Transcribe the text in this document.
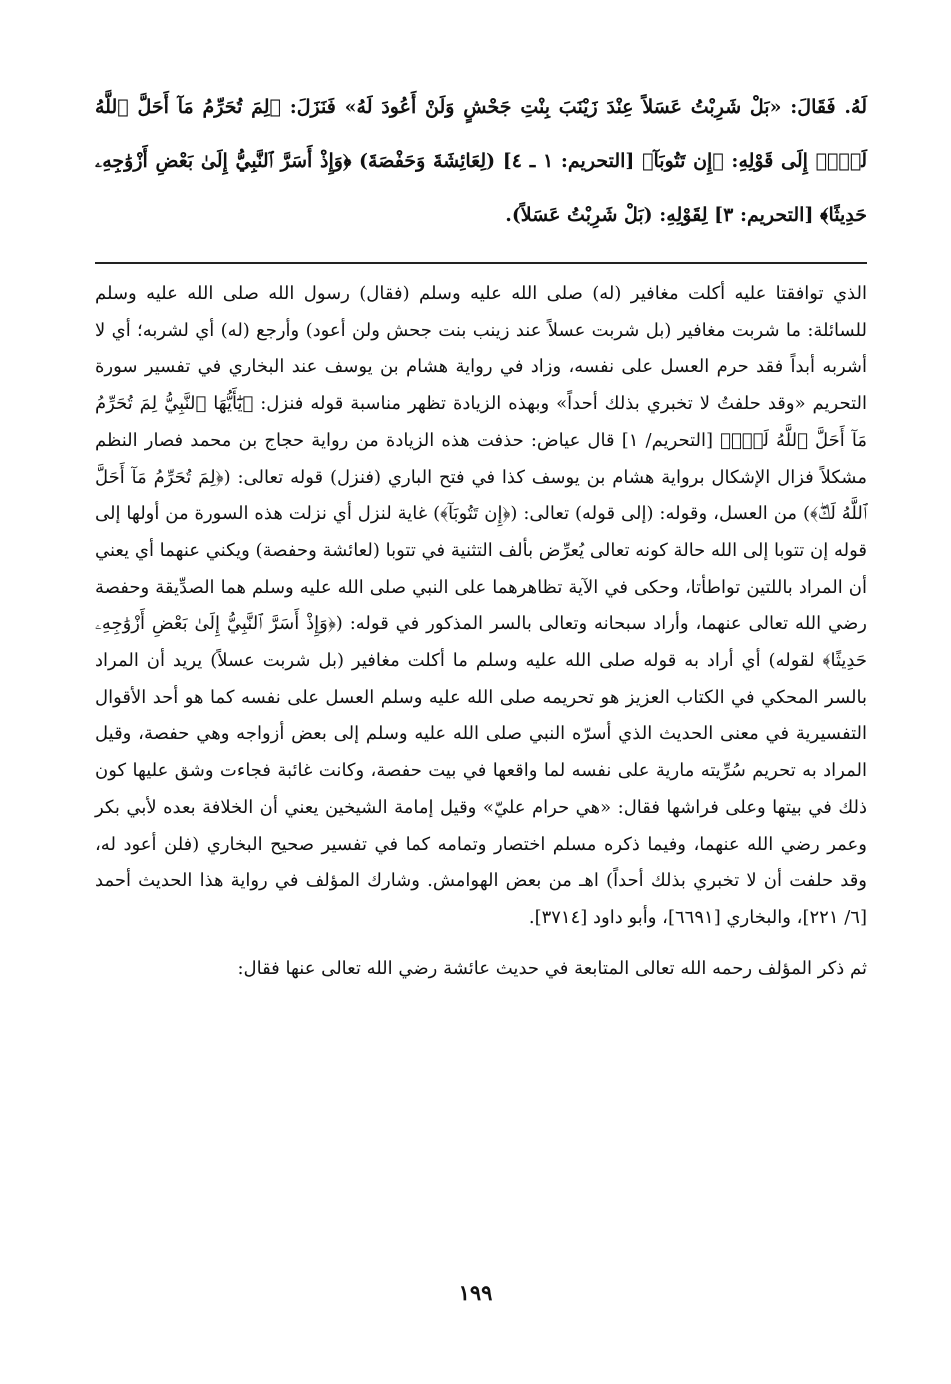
لَهُ. فَقَالَ: «بَلْ شَرِبْتُ عَسَلاً عِنْدَ زَيْنَبَ بِنْتِ جَحْشٍ وَلَنْ أَعُودَ لَهُ» فَنَزَلَ: ﴿لِمَ تُحَرِّمُ مَآ أَحَلَّ ٱللَّهُ لَكَۖ﴾ إِلَى قَوْلِهِ: ﴿إِن تَتُوبَآ﴾ [التحريم: ١ ـ ٤] (لِعَائِشَةَ وَحَفْصَةَ) ﴿وَإِذْ أَسَرَّ ٱلنَّبِيُّ إِلَىٰ بَعْضِ أَزْوَٰجِهِۦ حَدِيثًا﴾ [التحريم: ٣] لِقَوْلِهِ: (بَلْ شَرِبْتُ عَسَلاً).

الذي توافقتا عليه أكلت مغافير (له) صلى الله عليه وسلم (فقال) رسول الله صلى الله عليه وسلم للسائلة: ما شربت مغافير (بل شربت عسلاً عند زينب بنت جحش ولن أعود) وأرجع (له) أي لشربه؛ أي لا أشربه أبداً فقد حرم العسل على نفسه، وزاد في رواية هشام بن يوسف عند البخاري في تفسير سورة التحريم «وقد حلفتُ لا تخبري بذلك أحداً» وبهذه الزيادة تظهر مناسبة قوله فنزل: ﴿يَٰٓأَيُّهَا ٱلنَّبِيُّ لِمَ تُحَرِّمُ مَآ أَحَلَّ ٱللَّهُ لَكَۖ﴾ [التحريم/ ١] قال عياض: حذفت هذه الزيادة من رواية حجاج بن محمد فصار النظم مشكلاً فزال الإشكال برواية هشام بن يوسف كذا في فتح الباري (فنزل) قوله تعالى: (﴿لِمَ تُحَرِّمُ مَآ أَحَلَّ ٱللَّهُ لَكَۖ﴾) من العسل، وقوله: (إلى قوله) تعالى: (﴿إِن تَتُوبَآ﴾) غاية لنزل أي نزلت هذه السورة من أولها إلى قوله إن تتوبا إلى الله حالة كونه تعالى يُعرِّض بألف التثنية في تتوبا (لعائشة وحفصة) ويكني عنهما أي يعني أن المراد باللتين تواطأتا، وحكى في الآية تظاهرهما على النبي صلى الله عليه وسلم هما الصدِّيقة وحفصة رضي الله تعالى عنهما، وأراد سبحانه وتعالى بالسر المذكور في قوله: (﴿وَإِذْ أَسَرَّ ٱلنَّبِيُّ إِلَىٰ بَعْضِ أَزْوَٰجِهِۦ حَدِيثًا﴾ لقوله) أي أراد به قوله صلى الله عليه وسلم ما أكلت مغافير (بل شربت عسلاً) يريد أن المراد بالسر المحكي في الكتاب العزيز هو تحريمه صلى الله عليه وسلم العسل على نفسه كما هو أحد الأقوال التفسيرية في معنى الحديث الذي أسرّه النبي صلى الله عليه وسلم إلى بعض أزواجه وهي حفصة، وقيل المراد به تحريم سُرِّيته مارية على نفسه لما واقعها في بيت حفصة، وكانت غائبة فجاءت وشق عليها كون ذلك في بيتها وعلى فراشها فقال: «هي حرام عليّ» وقيل إمامة الشيخين يعني أن الخلافة بعده لأبي بكر وعمر رضي الله عنهما، وفيما ذكره مسلم اختصار وتمامه كما في تفسير صحيح البخاري (فلن أعود له، وقد حلفت أن لا تخبري بذلك أحداً) اهـ من بعض الهوامش. وشارك المؤلف في رواية هذا الحديث أحمد [٦/ ٢٢١]، والبخاري [٦٦٩١]، وأبو داود [٣٧١٤].

ثم ذكر المؤلف رحمه الله تعالى المتابعة في حديث عائشة رضي الله تعالى عنها فقال:

١٩٩
